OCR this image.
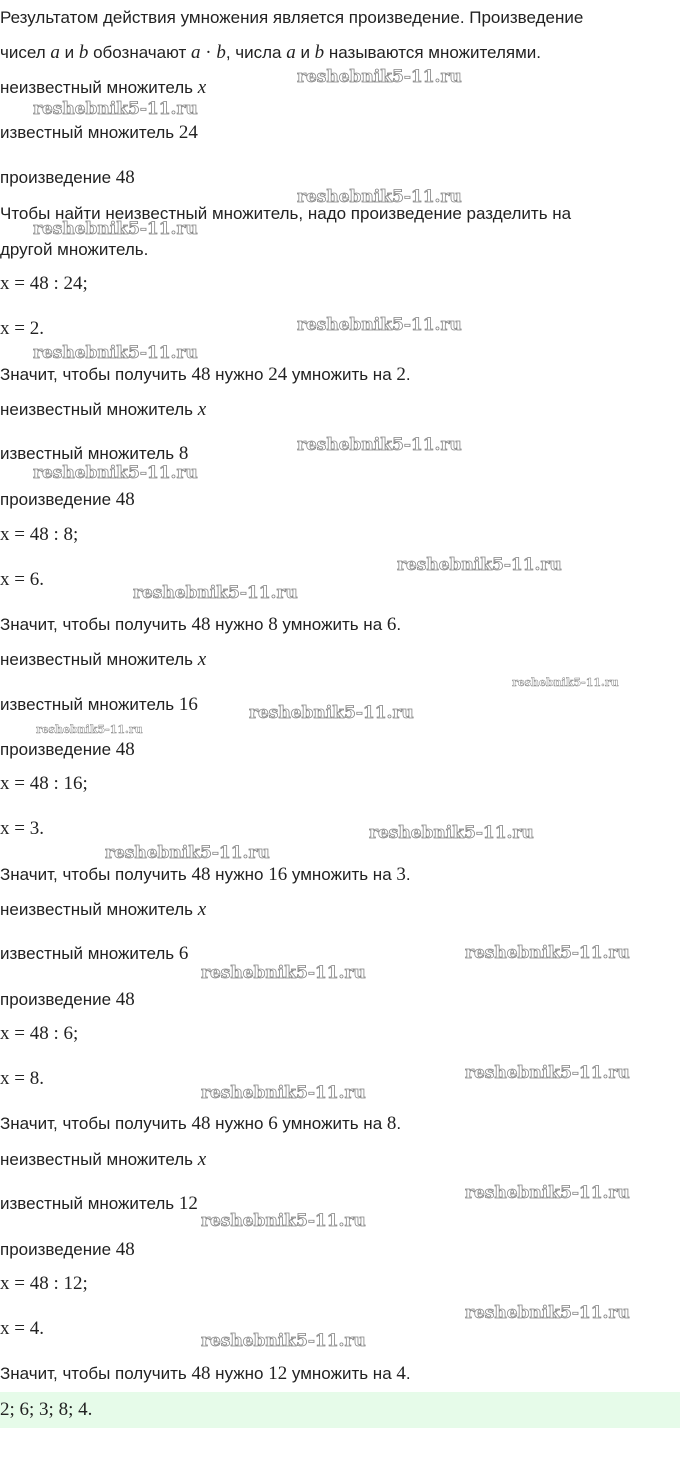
Результатом действия умножения является произведение. Произведение
чисел a и b обозначают a · b, числа a и b называются множителями.
неизвестный множитель x
известный множитель 24
произведение 48
Чтобы найти неизвестный множитель, надо произведение разделить на
другой множитель.
x = 48 : 24;
x = 2.
Значит, чтобы получить 48 нужно 24 умножить на 2.
неизвестный множитель x
известный множитель 8
произведение 48
x = 48 : 8;
x = 6.
Значит, чтобы получить 48 нужно 8 умножить на 6.
неизвестный множитель x
известный множитель 16
произведение 48
x = 48 : 16;
x = 3.
Значит, чтобы получить 48 нужно 16 умножить на 3.
неизвестный множитель x
известный множитель 6
произведение 48
x = 48 : 6;
x = 8.
Значит, чтобы получить 48 нужно 6 умножить на 8.
неизвестный множитель x
известный множитель 12
произведение 48
x = 48 : 12;
x = 4.
Значит, чтобы получить 48 нужно 12 умножить на 4.
2; 6; 3; 8; 4.
reshebnik5-11.ru
reshebnik5-11.ru
reshebnik5-11.ru
reshebnik5-11.ru
reshebnik5-11.ru
reshebnik5-11.ru
reshebnik5-11.ru
reshebnik5-11.ru
reshebnik5-11.ru
reshebnik5-11.ru
reshebnik5-11.ru
reshebnik5-11.ru
reshebnik5-11.ru
reshebnik5-11.ru
reshebnik5-11.ru
reshebnik5-11.ru
reshebnik5-11.ru
reshebnik5-11.ru
reshebnik5-11.ru
reshebnik5-11.ru
reshebnik5-11.ru
reshebnik5-11.ru
reshebnik5-11.ru
